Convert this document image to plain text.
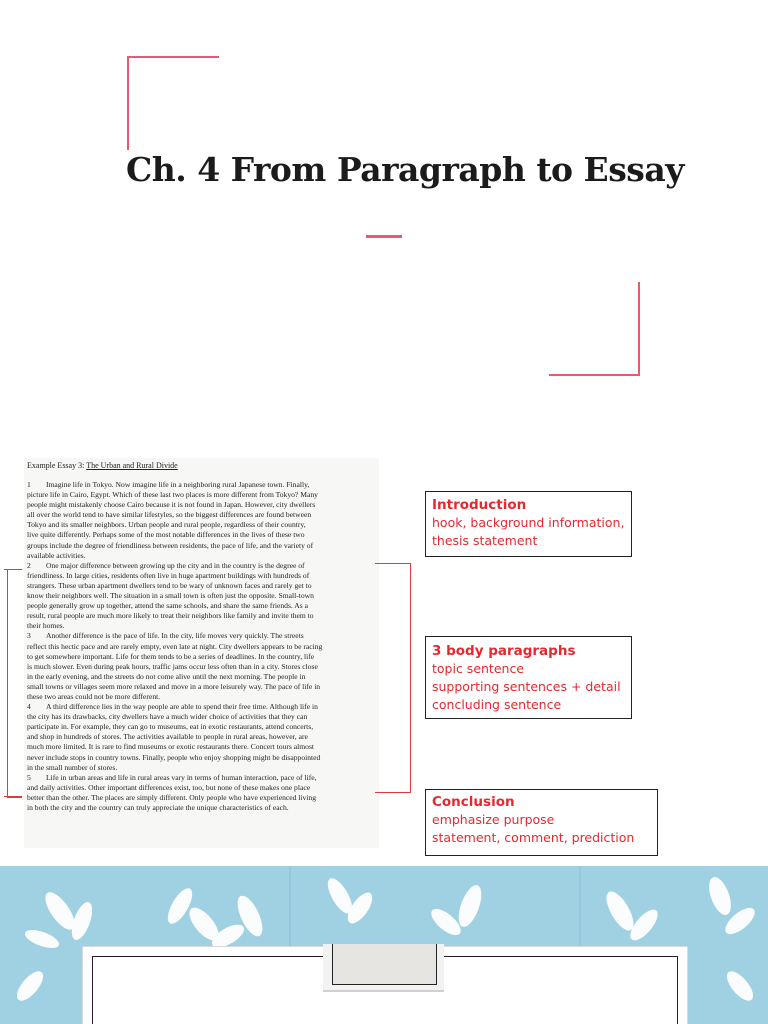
Ch. 4 From Paragraph to Essay
Example Essay 3: The Urban and Rural Divide
1        Imagine life in Tokyo. Now imagine life in a neighboring rural Japanese town. Finally,
picture life in Cairo, Egypt. Which of these last two places is more different from Tokyo? Many
people might mistakenly choose Cairo because it is not found in Japan. However, city dwellers
all over the world tend to have similar lifestyles, so the biggest differences are found between
Tokyo and its smaller neighbors. Urban people and rural people, regardless of their country,
live quite differently. Perhaps some of the most notable differences in the lives of these two
groups include the degree of friendliness between residents, the pace of life, and the variety of
available activities.
2        One major difference between growing up the city and in the country is the degree of
friendliness. In large cities, residents often live in huge apartment buildings with hundreds of
strangers. These urban apartment dwellers tend to be wary of unknown faces and rarely get to
know their neighbors well. The situation in a small town is often just the opposite. Small-town
people generally grow up together, attend the same schools, and share the same friends. As a
result, rural people are much more likely to treat their neighbors like family and invite them to
their homes.
3        Another difference is the pace of life. In the city, life moves very quickly. The streets
reflect this hectic pace and are rarely empty, even late at night. City dwellers appears to be racing
to get somewhere important. Life for them tends to be a series of deadlines. In the country, life
is much slower. Even during peak hours, traffic jams occur less often than in a city. Stores close
in the early evening, and the streets do not come alive until the next morning. The people in
small towns or villages seem more relaxed and move in a more leisurely way. The pace of life in
these two areas could not be more different.
4        A third difference lies in the way people are able to spend their free time. Although life in
the city has its drawbacks, city dwellers have a much wider choice of activities that they can
participate in. For example, they can go to museums, eat in exotic restaurants, attend concerts,
and shop in hundreds of stores. The activities available to people in rural areas, however, are
much more limited. It is rare to find museums or exotic restaurants there. Concert tours almost
never include stops in country towns. Finally, people who enjoy shopping might be disappointed
in the small number of stores.
5        Life in urban areas and life in rural areas vary in terms of human interaction, pace of life,
and daily activities. Other important differences exist, too, but none of these makes one place
better than the other. The places are simply different. Only people who have experienced living
in both the city and the country can truly appreciate the unique characteristics of each.
Introduction
hook, background information,
thesis statement
3 body paragraphs
topic sentence
supporting sentences + detail
concluding sentence
Conclusion
emphasize purpose
statement, comment, prediction
